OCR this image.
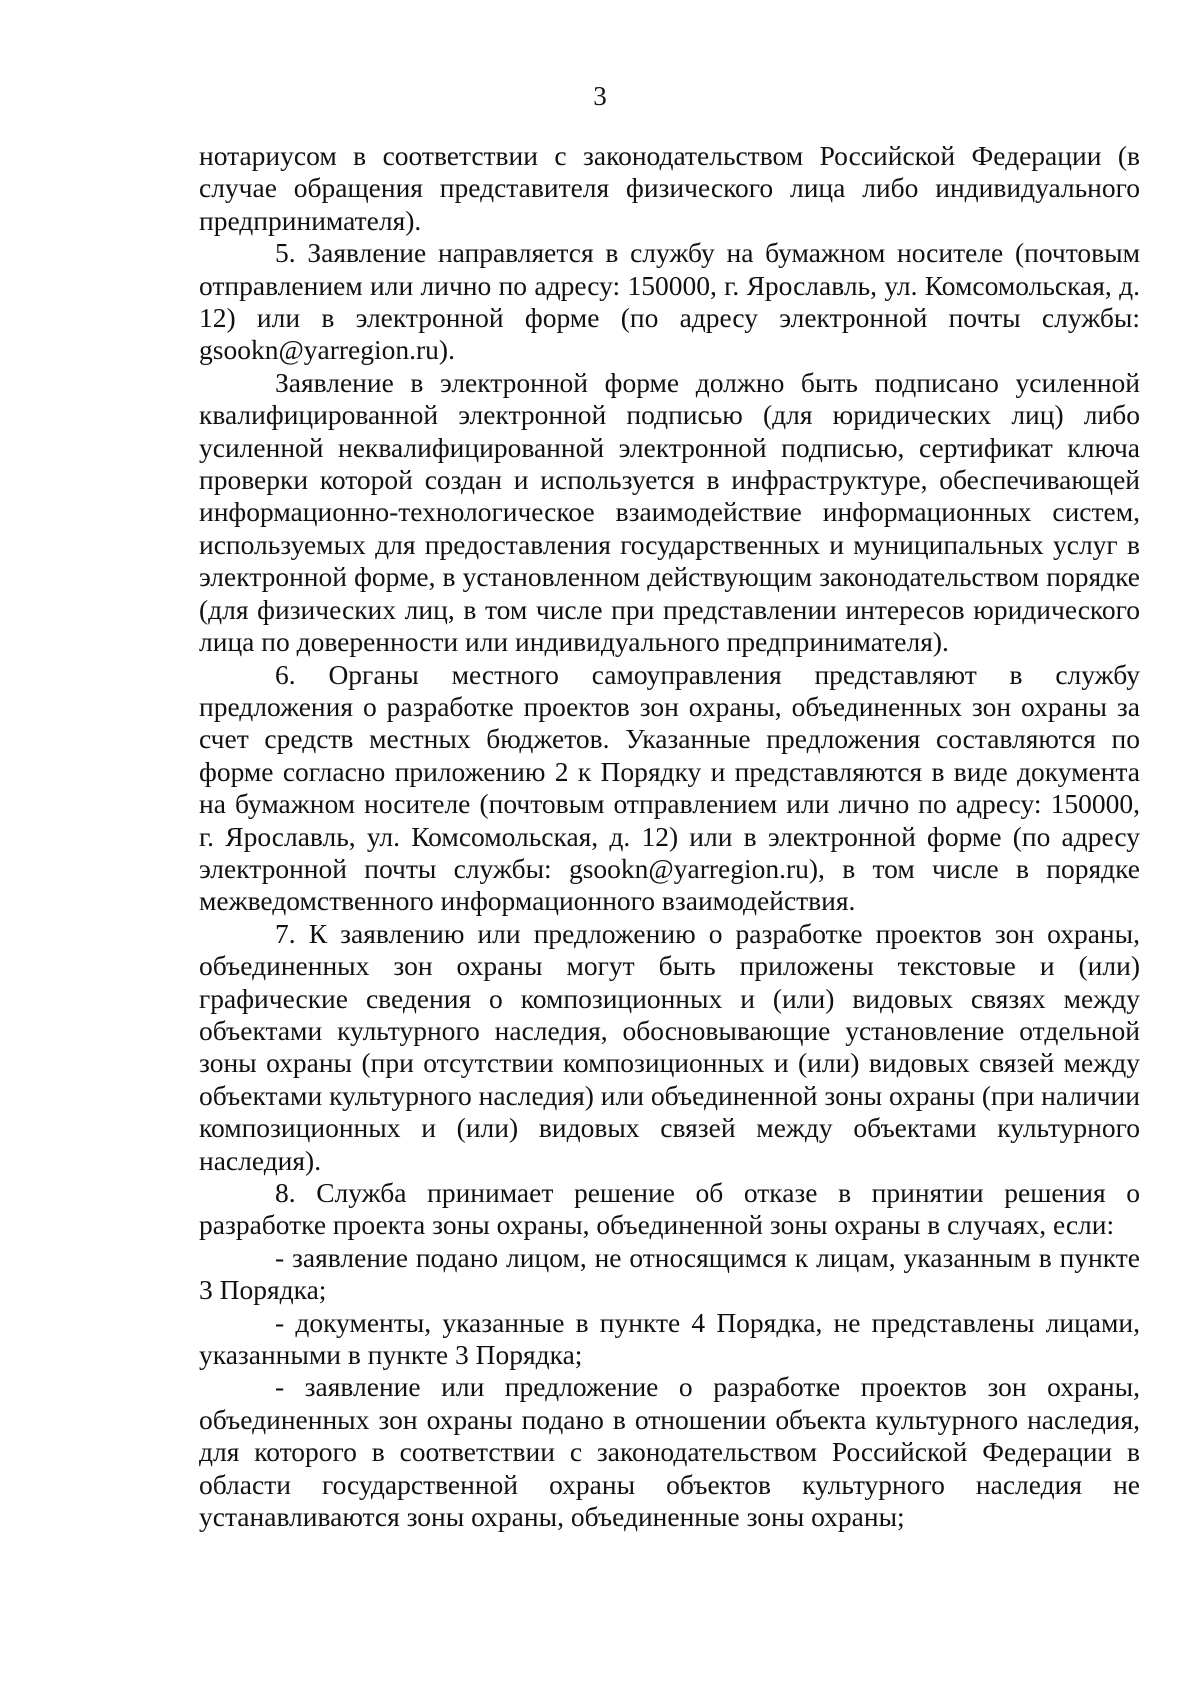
3

нотариусом в соответствии с законодательством Российской Федерации (в случае обращения представителя физического лица либо индивидуального предпринимателя).

5. Заявление направляется в службу на бумажном носителе (почтовым отправлением или лично по адресу: 150000, г. Ярославль, ул. Комсомольская, д. 12) или в электронной форме (по адресу электронной почты службы: gsookn@yarregion.ru).

Заявление в электронной форме должно быть подписано усиленной квалифицированной электронной подписью (для юридических лиц) либо усиленной неквалифицированной электронной подписью, сертификат ключа проверки которой создан и используется в инфраструктуре, обеспечивающей информационно-технологическое взаимодействие информационных систем, используемых для предоставления государственных и муниципальных услуг в электронной форме, в установленном действующим законодательством порядке (для физических лиц, в том числе при представлении интересов юридического лица по доверенности или индивидуального предпринимателя).

6. Органы местного самоуправления представляют в службу предложения о разработке проектов зон охраны, объединенных зон охраны за счет средств местных бюджетов. Указанные предложения составляются по форме согласно приложению 2 к Порядку и представляются в виде документа на бумажном носителе (почтовым отправлением или лично по адресу: 150000, г. Ярославль, ул. Комсомольская, д. 12) или в электронной форме (по адресу электронной почты службы: gsookn@yarregion.ru), в том числе в порядке межведомственного информационного взаимодействия.

7. К заявлению или предложению о разработке проектов зон охраны, объединенных зон охраны могут быть приложены текстовые и (или) графические сведения о композиционных и (или) видовых связях между объектами культурного наследия, обосновывающие установление отдельной зоны охраны (при отсутствии композиционных и (или) видовых связей между объектами культурного наследия) или объединенной зоны охраны (при наличии композиционных и (или) видовых связей между объектами культурного наследия).

8. Служба принимает решение об отказе в принятии решения о разработке проекта зоны охраны, объединенной зоны охраны в случаях, если:

- заявление подано лицом, не относящимся к лицам, указанным в пункте 3 Порядка;

- документы, указанные в пункте 4 Порядка, не представлены лицами, указанными в пункте 3 Порядка;

- заявление или предложение о разработке проектов зон охраны, объединенных зон охраны подано в отношении объекта культурного наследия, для которого в соответствии с законодательством Российской Федерации в области государственной охраны объектов культурного наследия не устанавливаются зоны охраны, объединенные зоны охраны;
